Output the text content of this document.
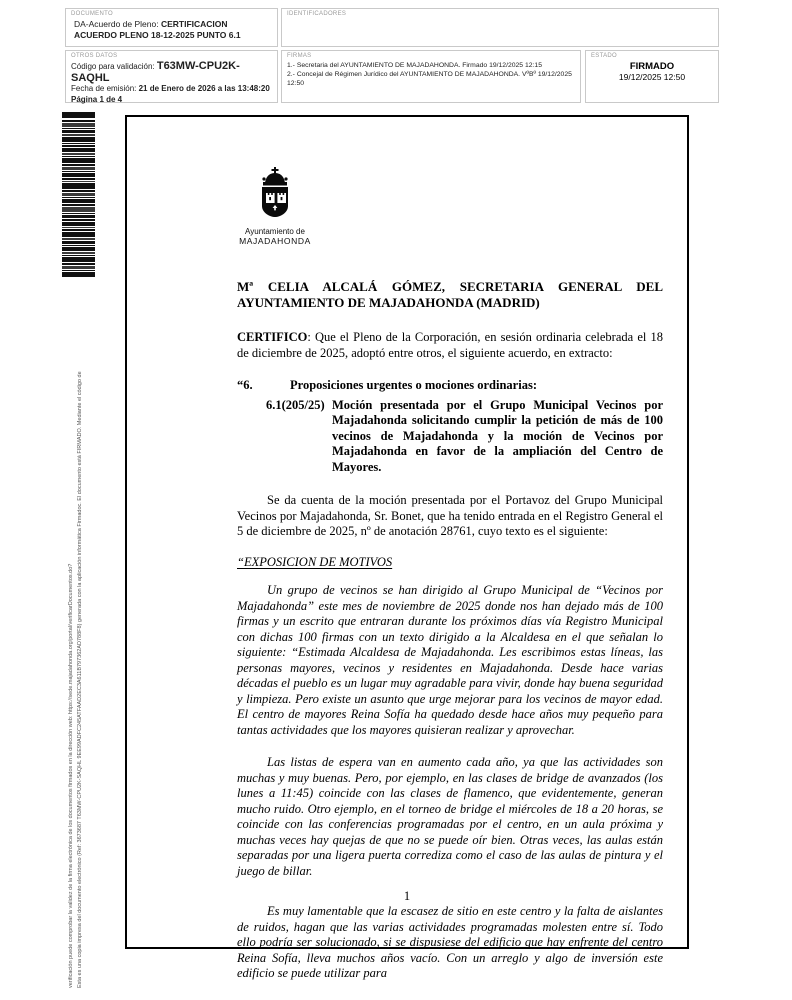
DOCUMENTO
DA-Acuerdo de Pleno: CERTIFICACION ACUERDO PLENO 18-12-2025 PUNTO 6.1
IDENTIFICADORES
OTROS DATOS
Código para validación: T63MW-CPU2K-SAQHL
Fecha de emisión: 21 de Enero de 2026 a las 13:48:20
Página 1 de 4
FIRMAS
1.- Secretaria del AYUNTAMIENTO DE MAJADAHONDA. Firmado 19/12/2025 12:15
2.- Concejal de Régimen Jurídico del AYUNTAMIENTO DE MAJADAHONDA. VºBº 19/12/2025 12:50
ESTADO
FIRMADO
19/12/2025 12:50
verificación puede comprobar la validez de la firma electrónica de los documentos firmados en la dirección web: https://sede.majadahonda.org/portal/verificarDocumentos.do? Esta es una copia impresa del documento electrónico (Ref: 3673687 T63MW-CPU2K-SAQHL 9EE99ADFC245ATFAAD2EC3A611B797362AD788F8) generada con la aplicación informática Firmadoc. El documento está FIRMADO. Mediante el código de
Ayuntamiento de
MAJADAHONDA
Mª CELIA ALCALÁ GÓMEZ, SECRETARIA GENERAL DEL AYUNTAMIENTO DE MAJADAHONDA (MADRID)
CERTIFICO: Que el Pleno de la Corporación, en sesión ordinaria celebrada el 18 de diciembre de 2025, adoptó entre otros, el siguiente acuerdo, en extracto:
“6.	Proposiciones urgentes o mociones ordinarias:
6.1(205/25) Moción presentada por el Grupo Municipal Vecinos por Majadahonda solicitando cumplir la petición de más de 100 vecinos de Majadahonda y la moción de Vecinos por Majadahonda en favor de la ampliación del Centro de Mayores.
Se da cuenta de la moción presentada por el Portavoz del Grupo Municipal Vecinos por Majadahonda, Sr. Bonet, que ha tenido entrada en el Registro General el 5 de diciembre de 2025, nº de anotación 28761, cuyo texto es el siguiente:
“EXPOSICION DE MOTIVOS
Un grupo de vecinos se han dirigido al Grupo Municipal de “Vecinos por Majadahonda” este mes de noviembre de 2025 donde nos han dejado más de 100 firmas y un escrito que entraran durante los próximos días vía Registro Municipal con dichas 100 firmas con un texto dirigido a la Alcaldesa en el que señalan lo siguiente: “Estimada Alcaldesa de Majadahonda. Les escribimos estas líneas, las personas mayores, vecinos y residentes en Majadahonda. Desde hace varias décadas el pueblo es un lugar muy agradable para vivir, donde hay buena seguridad y limpieza. Pero existe un asunto que urge mejorar para los vecinos de mayor edad. El centro de mayores Reina Sofía ha quedado desde hace años muy pequeño para tantas actividades que los mayores quisieran realizar y aprovechar.
Las listas de espera van en aumento cada año, ya que las actividades son muchas y muy buenas. Pero, por ejemplo, en las clases de bridge de avanzados (los lunes a 11:45) coincide con las clases de flamenco, que evidentemente, generan mucho ruido. Otro ejemplo, en el torneo de bridge el miércoles de 18 a 20 horas, se coincide con las conferencias programadas por el centro, en un aula próxima y muchas veces hay quejas de que no se puede oír bien. Otras veces, las aulas están separadas por una ligera puerta corrediza como el caso de las aulas de pintura y el juego de billar.
Es muy lamentable que la escasez de sitio en este centro y la falta de aislantes de ruidos, hagan que las varias actividades programadas molesten entre sí. Todo ello podría ser solucionado, si se dispusiese del edificio que hay enfrente del centro Reina Sofía, lleva muchos años vacío. Con un arreglo y algo de inversión este edificio se puede utilizar para
1
